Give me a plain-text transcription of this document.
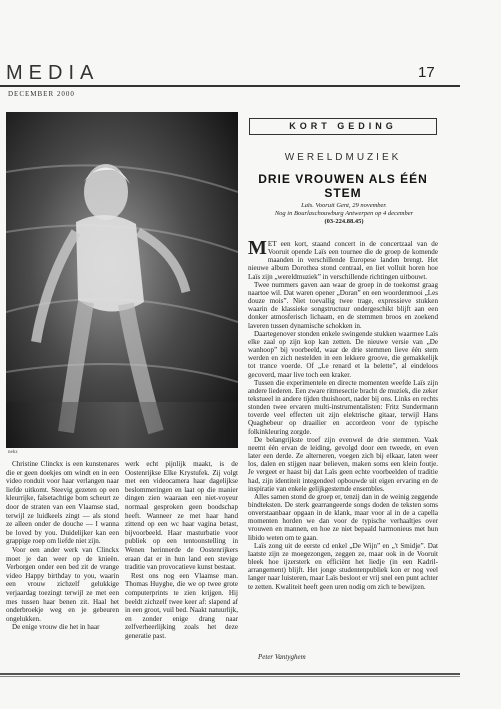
MEDIA	17
DECEMBER 2000
nekx

Christine Clinckx is een kunstenares die er geen doekjes om windt en in een video ronduit voor haar verlangen naar liefde uitkomt. Steevig gezeten op een kleurrijke, falsetachtige bom scheurt ze door de straten van een Vlaamse stad, terwijl ze luidkeels zingt — als stond ze alleen onder de douche — I wanna be loved by you. Duidelijker kan een grappige roep om liefde niet zijn.

Voor een ander werk van Clinckx moet je dan weer op de knieën. Verborgen onder een bed zit de vrange video Happy birthday to you, waarin een vrouw zichzelf gelukkige verjaardag toezingt terwijl ze met een mes tussen haar benen zit. Haal het onderbroekje weg en je gebeuren ongelukken.

De enige vrouw die het in haar

werk echt pijnlijk maakt, is de Oostenrijkse Elke Krystufek. Zij volgt met een videocamera haar dagelijkse beslommeringen en laat op die manier dingen zien waaraan een niet-voyeur normaal gesproken geen boodschap heeft. Wanneer ze met haar hand zittend op een wc haar vagina betast, bijvoorbeeld. Haar masturbatie voor publiek op een tentoonstelling in Wenen herinnerde de Oostenrijkers eraan dat er in hun land een stevige traditie van provocatieve kunst bestaat.

Rest ons nog een Vlaamse man. Thomas Huyghe, die we op twee grote computerprints te zien krijgen. Hij beeldt zichzelf twee keer af: slapend af in een groot, vuil bed. Naakt natuurlijk, en zonder enige drang naar zelfverheerlijking zoals het deze generatie past.

KORT GEDING
WERELDMUZIEK
DRIE VROUWEN ALS ÉÉN STEM
Laïs. Vooruit Gent, 29 november.
Nog in Bourlaschouwburg Antwerpen op 4 december
(03-224.88.45)

MET een kort, staand concert in de concertzaal van de Vooruit opende Laïs een tournee die de groep de komende maanden in verschillende Europese landen brengt. Het nieuwe album Dorothea stond centraal, en liet volluit horen hoe Laïs zijn „wereldmuziek” in verschillende richtingen uitbouwt.

Twee nummers gaven aan waar de groep in de toekomst graag naartoe wil. Dat waren opener „Doran” en een woordenmooi „Les douze mois”. Niet toevallig twee trage, expressieve stukken waarin de klassieke songstructuur ondergeschikt blijft aan een donker atmosferisch lichaam, en de stemmen broos en zoekend laveren tussen dynamische schokken in.

Daartegenover stonden enkele swingende stukken waarmee Laïs elke zaal op zijn kop kan zetten. De nieuwe versie van „De wanhoop” bij voorbeeld, waar de drie stemmen lieve één stem werden en zich nestelden in een lekkere groove, die gemakkelijk tot trance voerde. Of „Le renard et la belette”, al eindeloos gecoverd, maar live toch een kraker.

Tussen die experimentele en directe momenten weefde Laïs zijn andere liederen. Een zware ritmesectie bracht de muziek, die zeker tekstueel in andere tijden thuishoort, nader bij ons. Links en rechts stonden twee ervaren multi-instrumentalisten: Fritz Sundermann toverde veel effecten uit zijn elektrische gitaar, terwijl Hans Quaghebeur op draailier en accordeon voor de typische folkinkleuring zorgde.

De belangrijkste troef zijn evenwel de drie stemmen. Vaak neemt één ervan de leiding, gevolgd door een tweede, en even later een derde. Ze alterneren, voegen zich bij elkaar, laten weer los, dalen en stijgen naar believen, maken soms een klein foutje. Je vergeet er haast bij dat Laïs geen echte voorbeelden of traditie had, zijn identiteit integendeel opbouwde uit eigen ervaring en de inspiratie van enkele gelijkgestemde ensembles.

Alles samen stond de groep er, tenzij dan in de weinig zeggende bindteksten. De sterk gearrangeerde songs doden de teksten soms onverstaanbaar opgaan in de klank, maar voor al in de a capella momenten horden we dan voor de typische verhaaltjes over vrouwen en mannen, en hoe ze niet bepaald harmonieus met hun libido weten om te gaan.

Laïs zong uit de eerste cd enkel „De Wijn” en „'t Smidje”. Dat laatste zijn ze moegezongen, zeggen ze, maar ook in de Vooruit bleek hoe ijzersterk en efficiënt het liedje (in een Kadril-arrangement) blijft. Het jonge studentenpubliek kon er nog veel langer naar luisteren, maar Laïs besloot er vrij snel een punt achter te zetten. Kwaliteit heeft geen uren nodig om zich te bewijzen.

Peter Vantyghem
